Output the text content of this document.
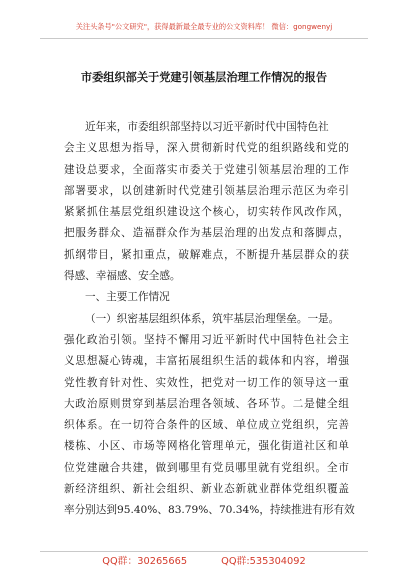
关注头条号"公文研究"，获得最新最全最专业的公文资料库！ 微信：gongwenyj
市委组织部关于党建引领基层治理工作情况的报告
近年来，市委组织部坚持以习近平新时代中国特色社
会主义思想为指导，深入贯彻新时代党的组织路线和党的
建设总要求，全面落实市委关于党建引领基层治理的工作
部署要求，以创建新时代党建引领基层治理示范区为牵引
紧紧抓住基层党组织建设这个核心，切实转作风改作风，
把服务群众、造福群众作为基层治理的出发点和落脚点，
抓纲带目，紧扣重点，破解难点，不断提升基层群众的获
得感、幸福感、安全感。
一、主要工作情况
（一）织密基层组织体系，筑牢基层治理堡垒。一是。
强化政治引领。坚持不懈用习近平新时代中国特色社会主
义思想凝心铸魂，丰富拓展组织生活的载体和内容，增强
党性教育针对性、实效性，把党对一切工作的领导这一重
大政治原则贯穿到基层治理各领域、各环节。二是健全组
织体系。在一切符合条件的区域、单位成立党组织，完善
楼栋、小区、市场等网格化管理单元，强化街道社区和单
位党建融合共建，做到哪里有党员哪里就有党组织。全市
新经济组织、新社会组织、新业态新就业群体党组织覆盖
率分别达到95.40%、83.79%、70.34%，持续推进有形有效
QQ群：30265665	QQ群:535304092
